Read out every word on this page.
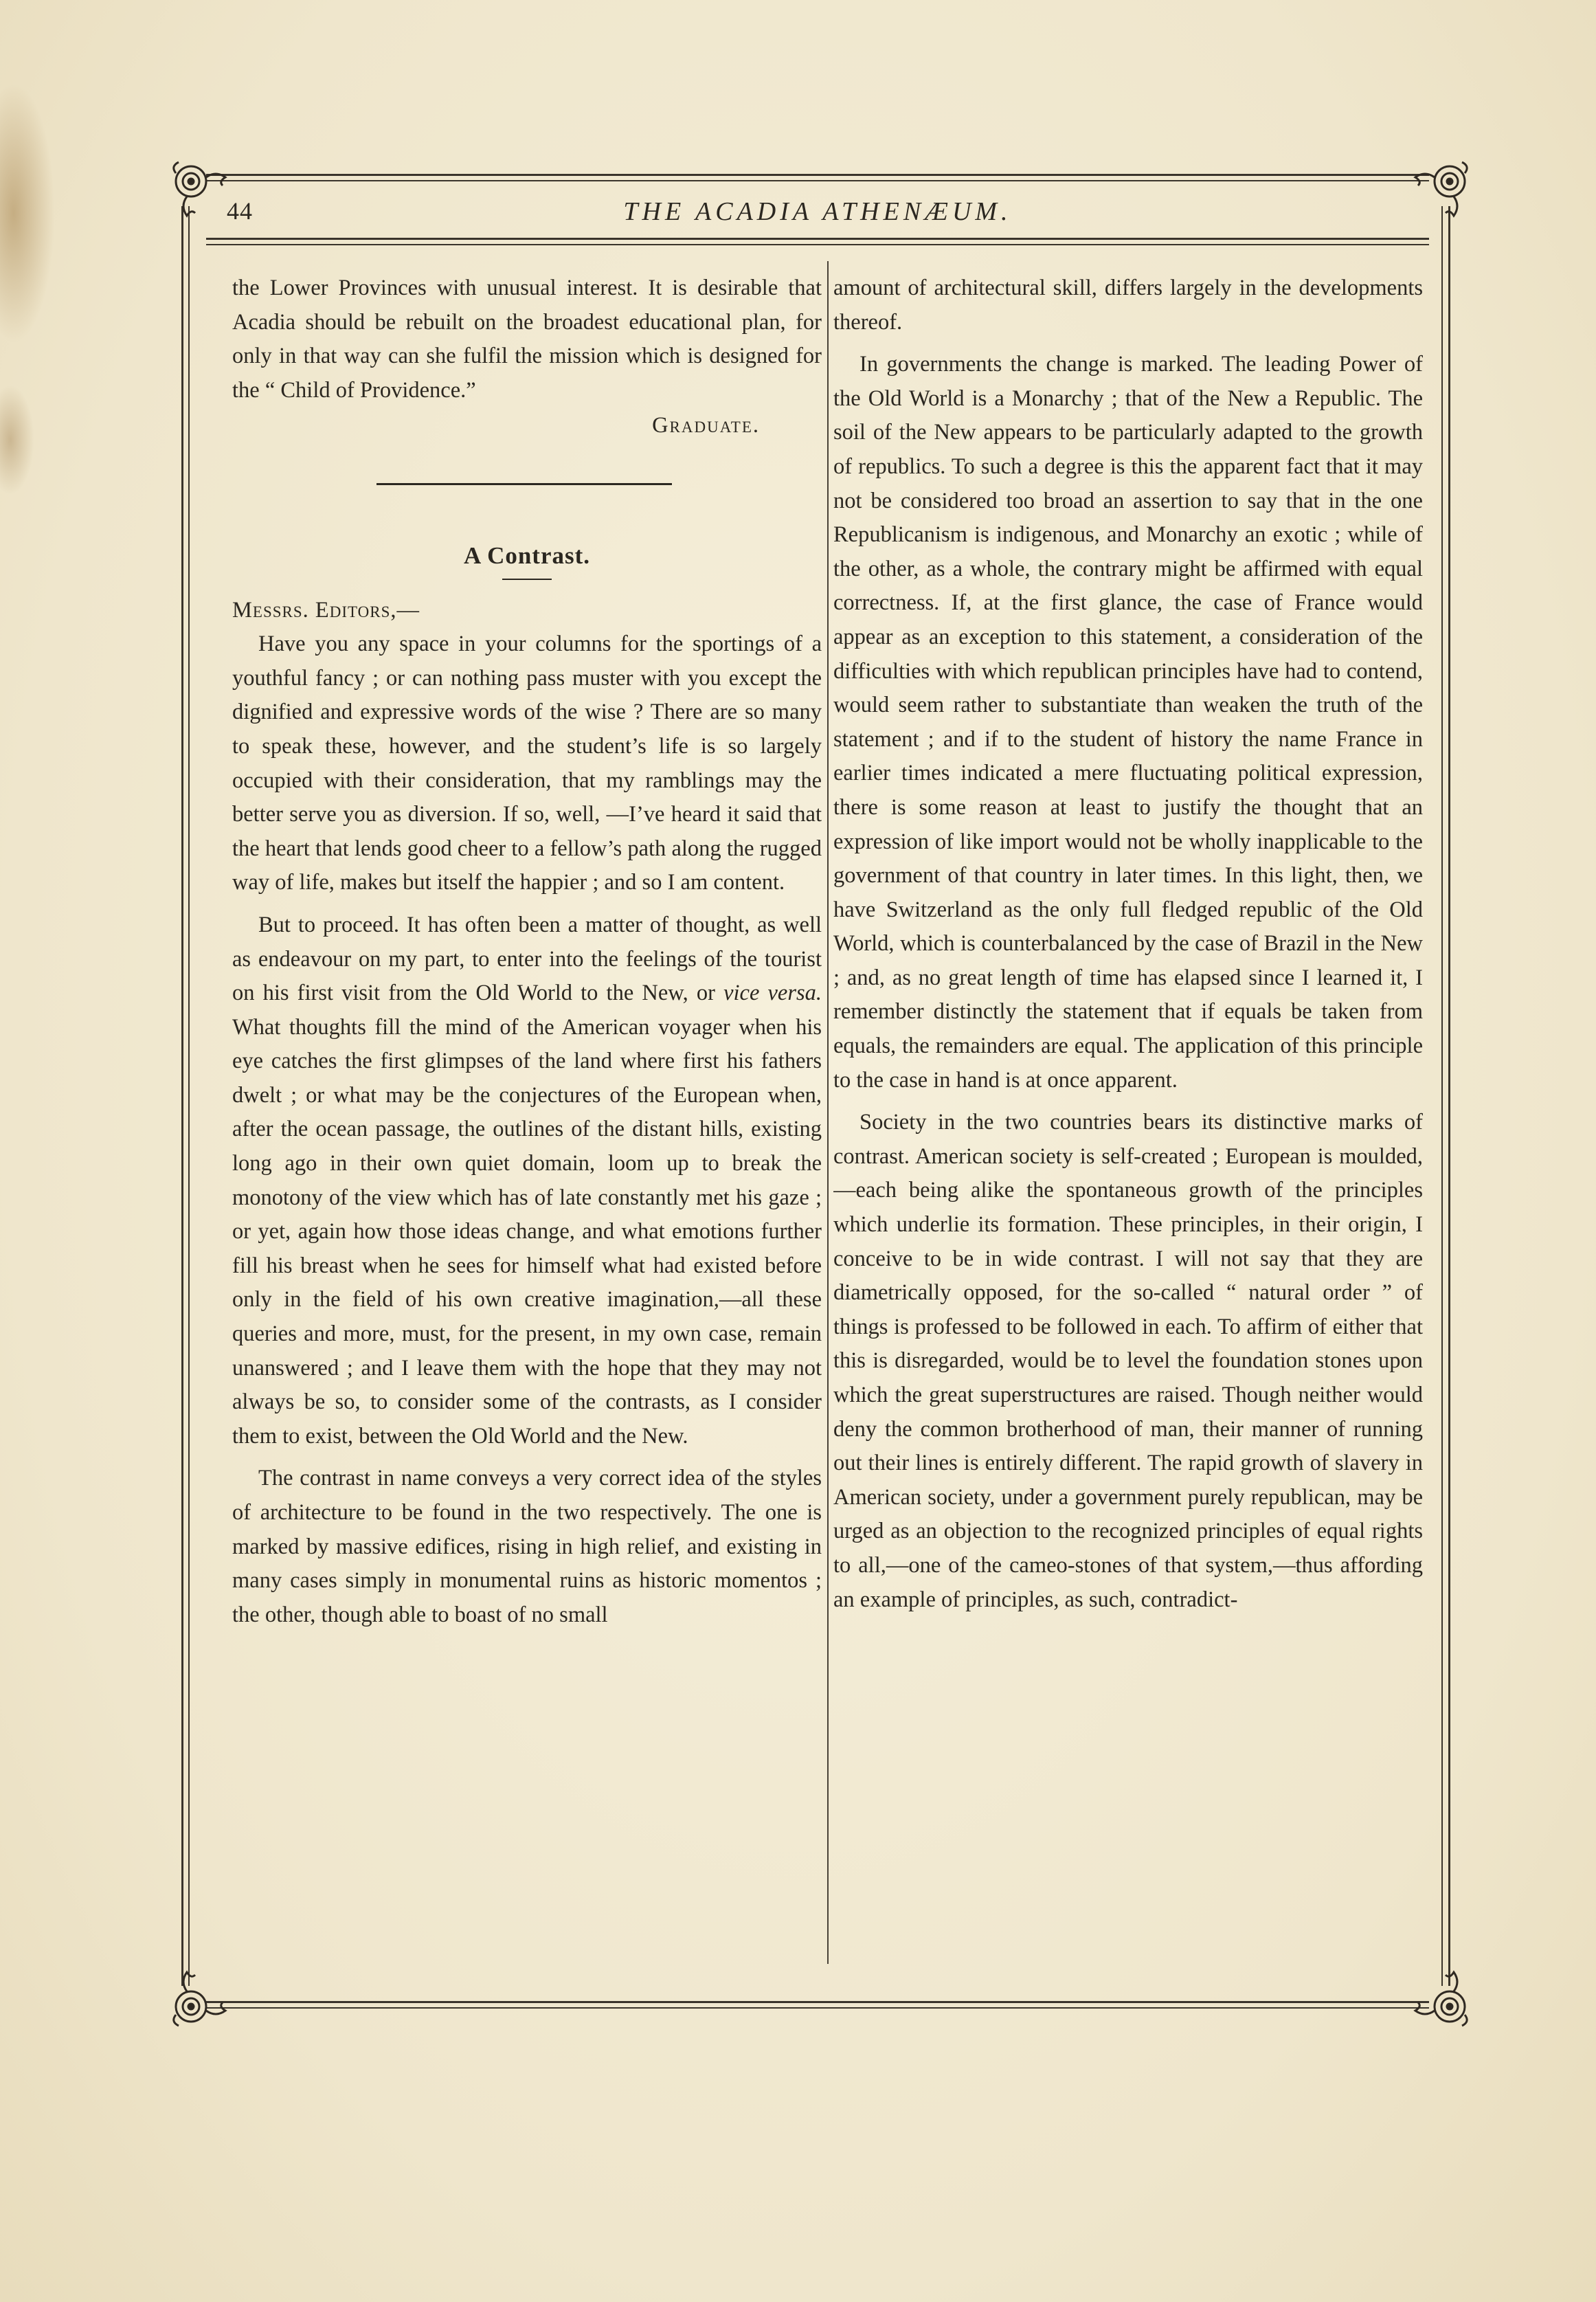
44	THE ACADIA ATHENÆUM.

the Lower Provinces with unusual interest. It is desirable that Acadia should be rebuilt on the broadest educational plan, for only in that way can she fulfil the mission which is designed for the “ Child of Providence.”

Graduate.

A Contrast.

Messrs. Editors,—

Have you any space in your columns for the sportings of a youthful fancy ; or can nothing pass muster with you except the dignified and expressive words of the wise ? There are so many to speak these, however, and the student’s life is so largely occupied with their consideration, that my ramblings may the better serve you as diversion. If so, well, —I’ve heard it said that the heart that lends good cheer to a fellow’s path along the rugged way of life, makes but itself the happier ; and so I am content.

But to proceed. It has often been a matter of thought, as well as endeavour on my part, to enter into the feelings of the tourist on his first visit from the Old World to the New, or vice versa. What thoughts fill the mind of the American voyager when his eye catches the first glimpses of the land where first his fathers dwelt ; or what may be the conjectures of the European when, after the ocean passage, the outlines of the distant hills, existing long ago in their own quiet domain, loom up to break the monotony of the view which has of late constantly met his gaze ; or yet, again how those ideas change, and what emotions further fill his breast when he sees for himself what had existed before only in the field of his own creative imagination,—all these queries and more, must, for the present, in my own case, remain unanswered ; and I leave them with the hope that they may not always be so, to consider some of the contrasts, as I consider them to exist, between the Old World and the New.

The contrast in name conveys a very correct idea of the styles of architecture to be found in the two respectively. The one is marked by massive edifices, rising in high relief, and existing in many cases simply in monumental ruins as historic momentos ; the other, though able to boast of no small

amount of architectural skill, differs largely in the developments thereof.

In governments the change is marked. The leading Power of the Old World is a Monarchy ; that of the New a Republic. The soil of the New appears to be particularly adapted to the growth of republics. To such a degree is this the apparent fact that it may not be considered too broad an assertion to say that in the one Republicanism is indigenous, and Monarchy an exotic ; while of the other, as a whole, the contrary might be affirmed with equal correctness. If, at the first glance, the case of France would appear as an exception to this statement, a consideration of the difficulties with which republican principles have had to contend, would seem rather to substantiate than weaken the truth of the statement ; and if to the student of history the name France in earlier times indicated a mere fluctuating political expression, there is some reason at least to justify the thought that an expression of like import would not be wholly inapplicable to the government of that country in later times. In this light, then, we have Switzerland as the only full fledged republic of the Old World, which is counterbalanced by the case of Brazil in the New ; and, as no great length of time has elapsed since I learned it, I remember distinctly the statement that if equals be taken from equals, the remainders are equal. The application of this principle to the case in hand is at once apparent.

Society in the two countries bears its distinctive marks of contrast. American society is self-created ; European is moulded,—each being alike the spontaneous growth of the principles which underlie its formation. These principles, in their origin, I conceive to be in wide contrast. I will not say that they are diametrically opposed, for the so-called “ natural order ” of things is professed to be followed in each. To affirm of either that this is disregarded, would be to level the foundation stones upon which the great superstructures are raised. Though neither would deny the common brotherhood of man, their manner of running out their lines is entirely different. The rapid growth of slavery in American society, under a government purely republican, may be urged as an objection to the recognized principles of equal rights to all,—one of the cameo-stones of that system,—thus affording an example of principles, as such, contradict-
